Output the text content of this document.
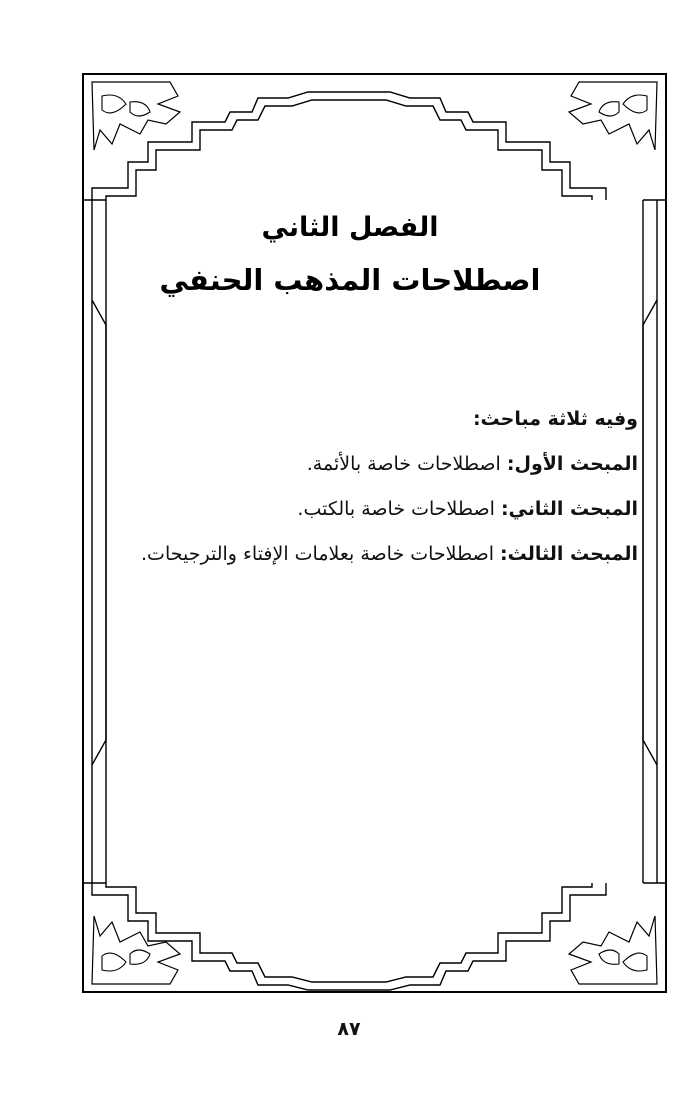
الفصل الثاني
اصطلاحات المذهب الحنفي

وفيه ثلاثة مباحث:

المبحث الأول: اصطلاحات خاصة بالأئمة.

المبحث الثاني: اصطلاحات خاصة بالكتب.

المبحث الثالث: اصطلاحات خاصة بعلامات الإفتاء والترجيحات.

٨٧
